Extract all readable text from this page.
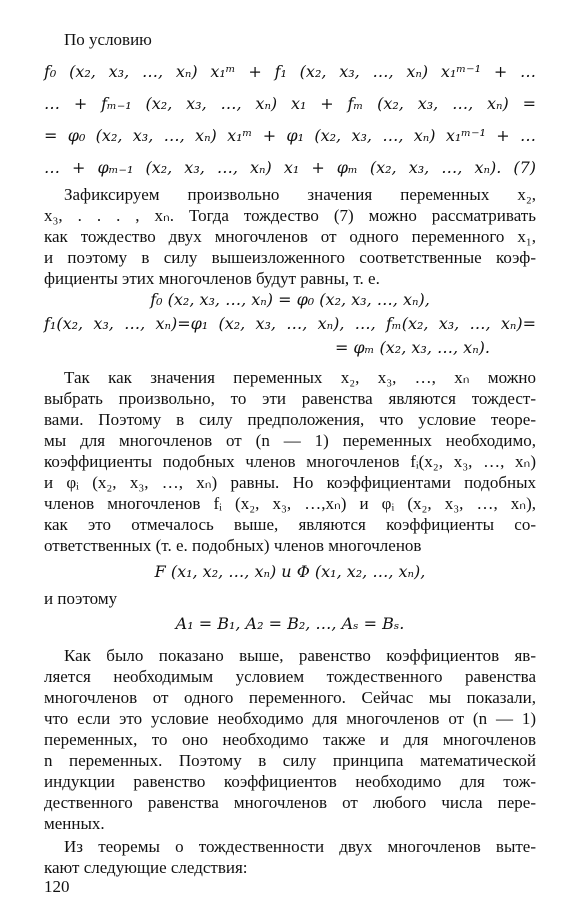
По условию
f₀ (x₂, x₃, …, xₙ) x₁ᵐ + f₁ (x₂, x₃, …, xₙ) x₁ᵐ⁻¹ + …
… + fₘ₋₁ (x₂, x₃, …, xₙ) x₁ + fₘ (x₂, x₃, …, xₙ) =
= φ₀ (x₂, x₃, …, xₙ) x₁ᵐ + φ₁ (x₂, x₃, …, xₙ) x₁ᵐ⁻¹ + …
… + φₘ₋₁ (x₂, x₃, …, xₙ) x₁ + φₘ (x₂, x₃, …, xₙ). (7)
Зафиксируем произвольно значения переменных x₂,
x₃, . . . , xₙ. Тогда тождество (7) можно рассматривать
как тождество двух многочленов от одного переменного x₁,
и поэтому в силу вышеизложенного соответственные коэф-
фициенты этих многочленов будут равны, т. е.
f₀ (x₂, x₃, …, xₙ) = φ₀ (x₂, x₃, …, xₙ),
f₁(x₂, x₃, …, xₙ)=φ₁ (x₂, x₃, …, xₙ), …, fₘ(x₂, x₃, …, xₙ)=
= φₘ (x₂, x₃, …, xₙ).
Так как значения переменных x₂, x₃, …, xₙ можно
выбрать произвольно, то эти равенства являются тождест-
вами. Поэтому в силу предположения, что условие теоре-
мы для многочленов от (n — 1) переменных необходимо,
коэффициенты подобных членов многочленов fᵢ(x₂, x₃, …, xₙ)
и φᵢ (x₂, x₃, …, xₙ) равны. Но коэффициентами подобных
членов многочленов fᵢ (x₂, x₃, …,xₙ) и φᵢ (x₂, x₃, …, xₙ),
как это отмечалось выше, являются коэффициенты со-
ответственных (т. е. подобных) членов многочленов
F (x₁, x₂, …, xₙ) и Φ (x₁, x₂, …, xₙ),
и поэтому
A₁ = B₁, A₂ = B₂, …, Aₛ = Bₛ.
Как было показано выше, равенство коэффициентов яв-
ляется необходимым условием тождественного равенства
многочленов от одного переменного. Сейчас мы показали,
что если это условие необходимо для многочленов от (n — 1)
переменных, то оно необходимо также и для многочленов
n переменных. Поэтому в силу принципа математической
индукции равенство коэффициентов необходимо для тож-
дественного равенства многочленов от любого числа пере-
менных.
Из теоремы о тождественности двух многочленов выте-
кают следующие следствия:
120
